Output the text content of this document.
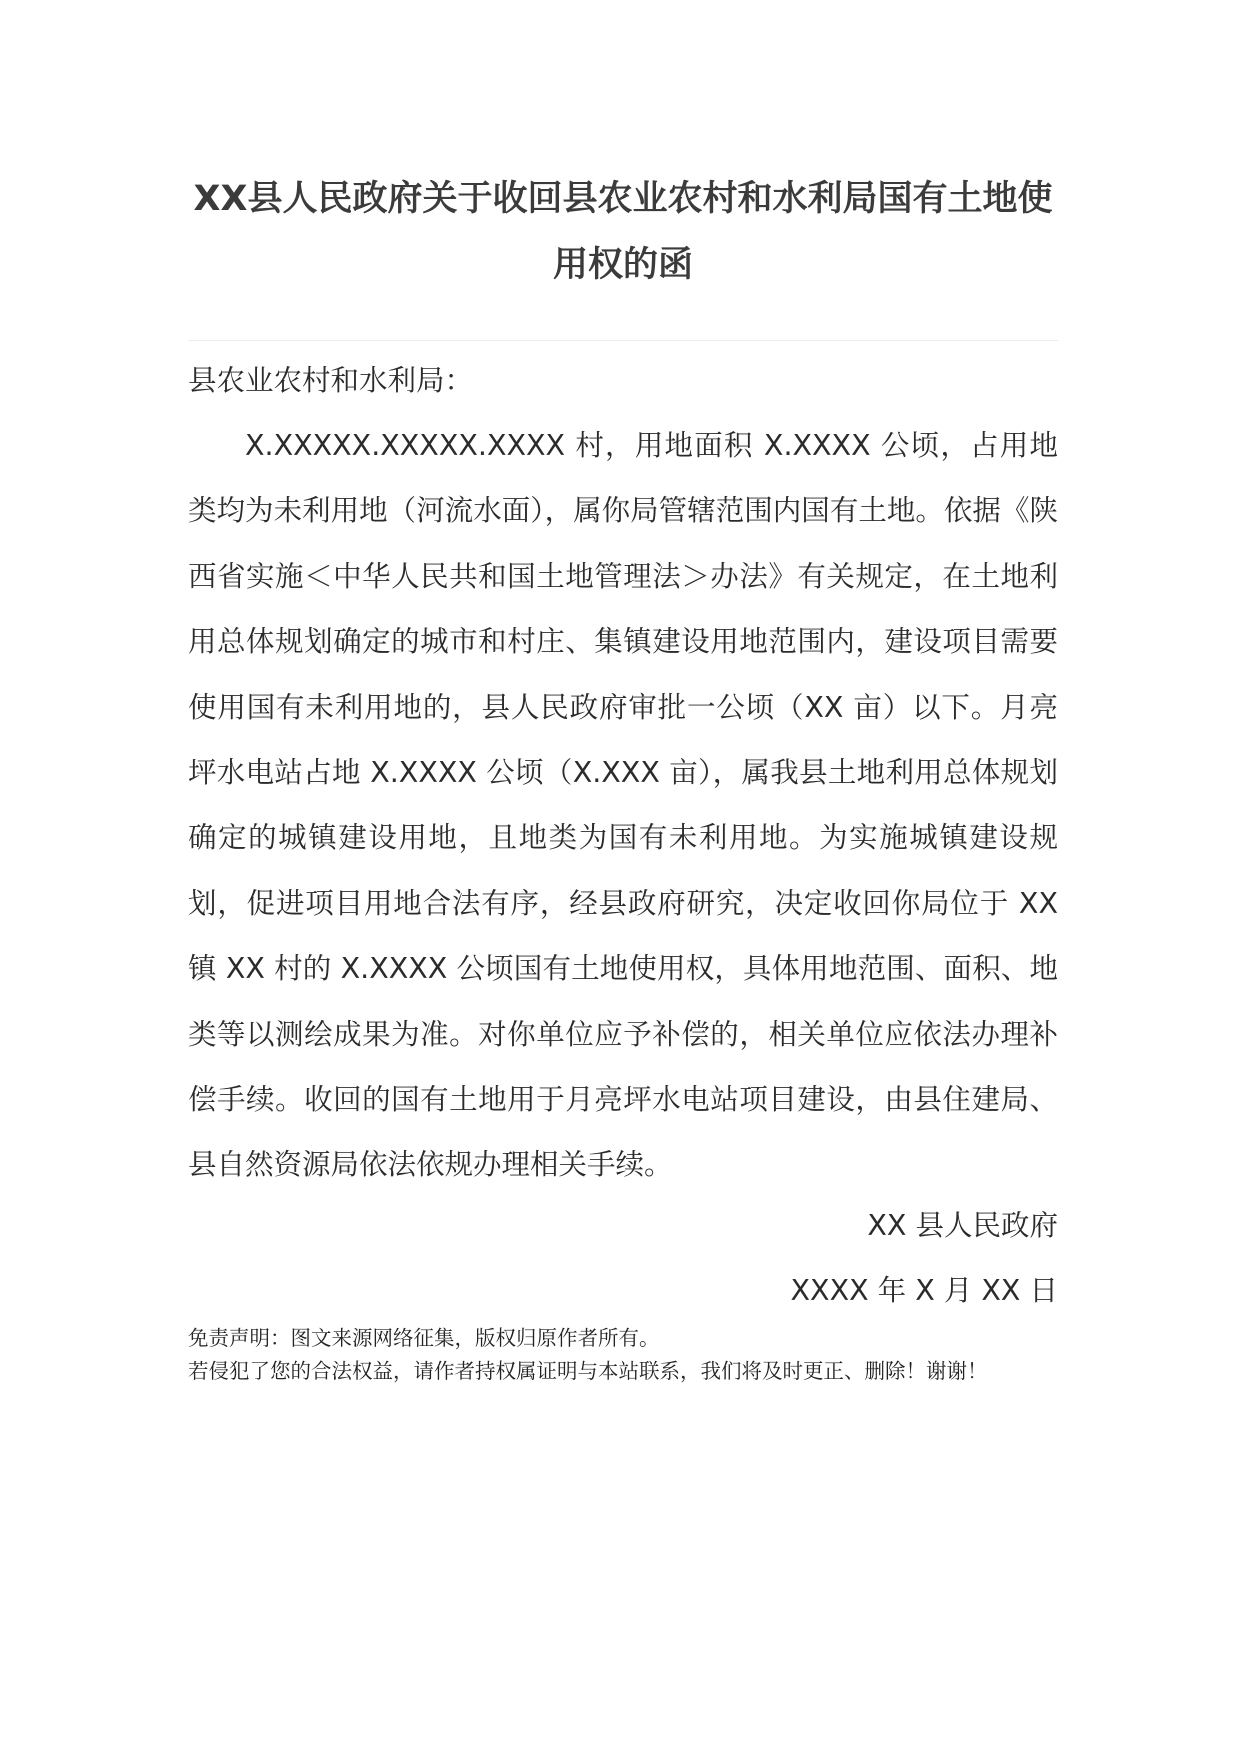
XX县人民政府关于收回县农业农村和水利局国有土地使用权的函

县农业农村和水利局：

X.XXXXX.XXXXX.XXXX 村，用地面积 X.XXXX 公顷，占用地类均为未利用地（河流水面），属你局管辖范围内国有土地。依据《陕西省实施＜中华人民共和国土地管理法＞办法》有关规定，在土地利用总体规划确定的城市和村庄、集镇建设用地范围内，建设项目需要使用国有未利用地的，县人民政府审批一公顷（XX 亩）以下。月亮坪水电站占地 X.XXXX 公顷（X.XXX 亩），属我县土地利用总体规划确定的城镇建设用地，且地类为国有未利用地。为实施城镇建设规划，促进项目用地合法有序，经县政府研究，决定收回你局位于 XX 镇 XX 村的 X.XXXX 公顷国有土地使用权，具体用地范围、面积、地类等以测绘成果为准。对你单位应予补偿的，相关单位应依法办理补偿手续。收回的国有土地用于月亮坪水电站项目建设，由县住建局、县自然资源局依法依规办理相关手续。

XX 县人民政府

XXXX 年 X 月 XX 日

免责声明：图文来源网络征集，版权归原作者所有。
若侵犯了您的合法权益，请作者持权属证明与本站联系，我们将及时更正、删除！谢谢！
